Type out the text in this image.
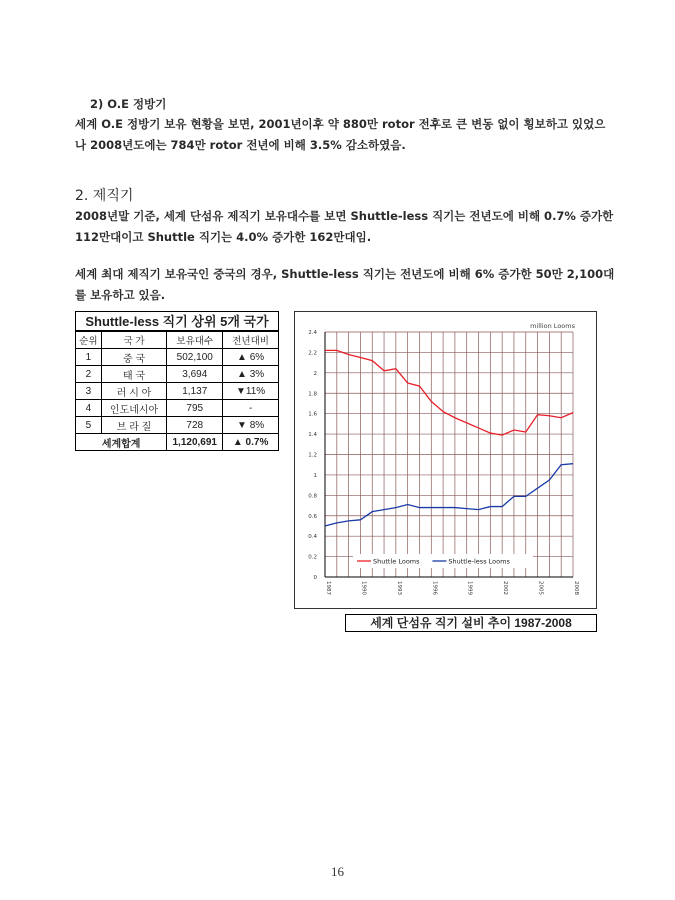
2) O.E 정방기
세계 O.E 정방기 보유 현황을 보면, 2001년이후 약 880만 rotor 전후로 큰 변동 없이 횡보하고 있었으나 2008년도에는 784만 rotor 전년에 비해 3.5% 감소하였음.
2. 제직기
2008년말 기준, 세계 단섬유 제직기 보유대수를 보면 Shuttle-less 직기는 전년도에 비해 0.7% 증가한 112만대이고 Shuttle 직기는 4.0% 증가한 162만대임.
세계 최대 제직기 보유국인 중국의 경우, Shuttle-less 직기는 전년도에 비해 6% 증가한 50만 2,100대를 보유하고 있음.
Shuttle-less 직기 상위 5개 국가
순위	국 가	보유대수	전년대비
1	중 국	502,100	▲ 6%
2	태 국	3,694	▲ 3%
3	러 시 아	1,137	▼11%
4	인도네시아	795	-
5	브 라 질	728	▼ 8%
세계합계		1,120,691	▲ 0.7%
million Looms
0
0.2
0.4
0.6
0.8
1
1.2
1.4
1.6
1.8
2
2.2
2.4
1987	1990	1993	1996	1999	2002	2005	2008
Shuttle Looms	Shuttle-less Looms
세계 단섬유 직기 설비 추이 1987-2008
16
